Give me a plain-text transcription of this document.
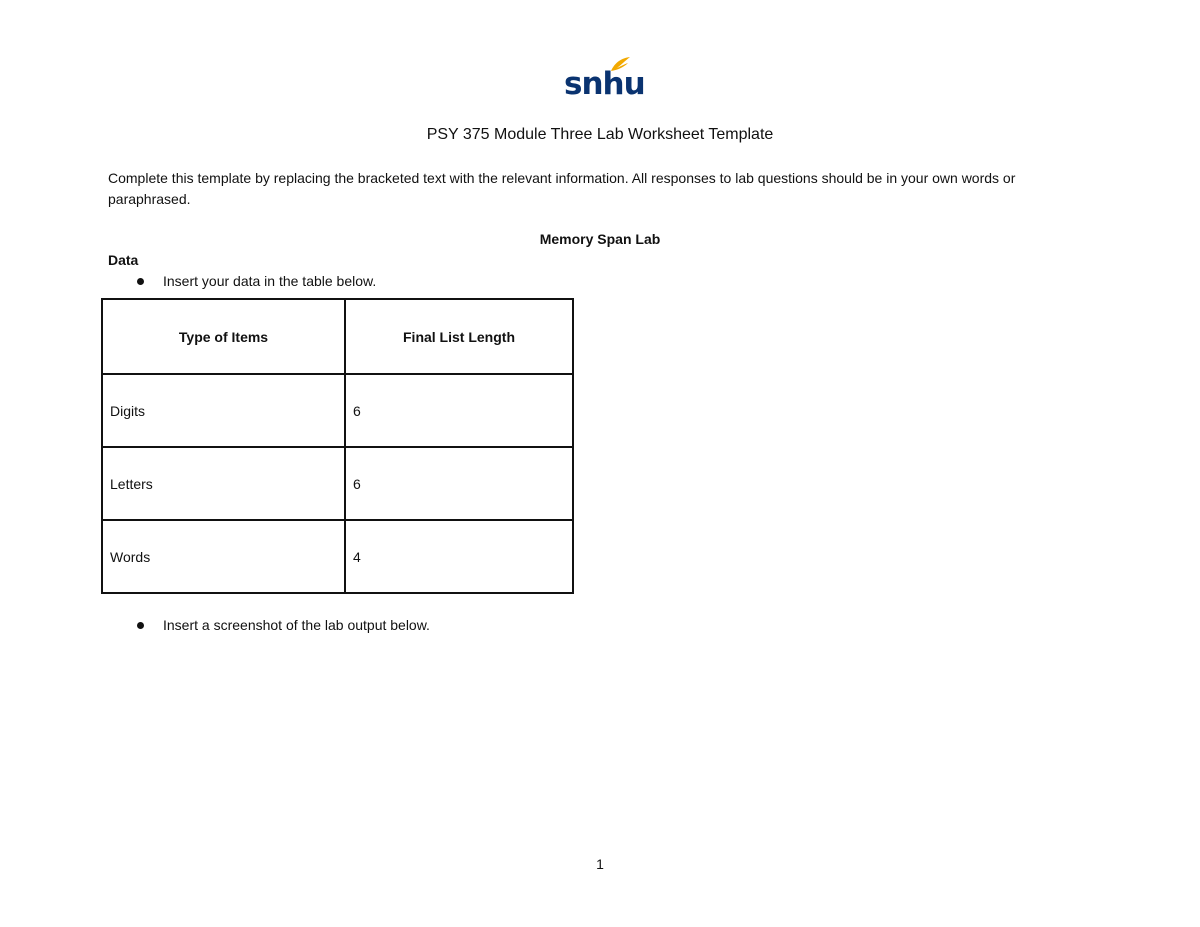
snhu
PSY 375 Module Three Lab Worksheet Template
Complete this template by replacing the bracketed text with the relevant information. All responses to lab questions should be in your own words or paraphrased.
Memory Span Lab
Data
Insert your data in the table below.
Type of Items	Final List Length
Digits	6
Letters	6
Words	4
Insert a screenshot of the lab output below.
1
